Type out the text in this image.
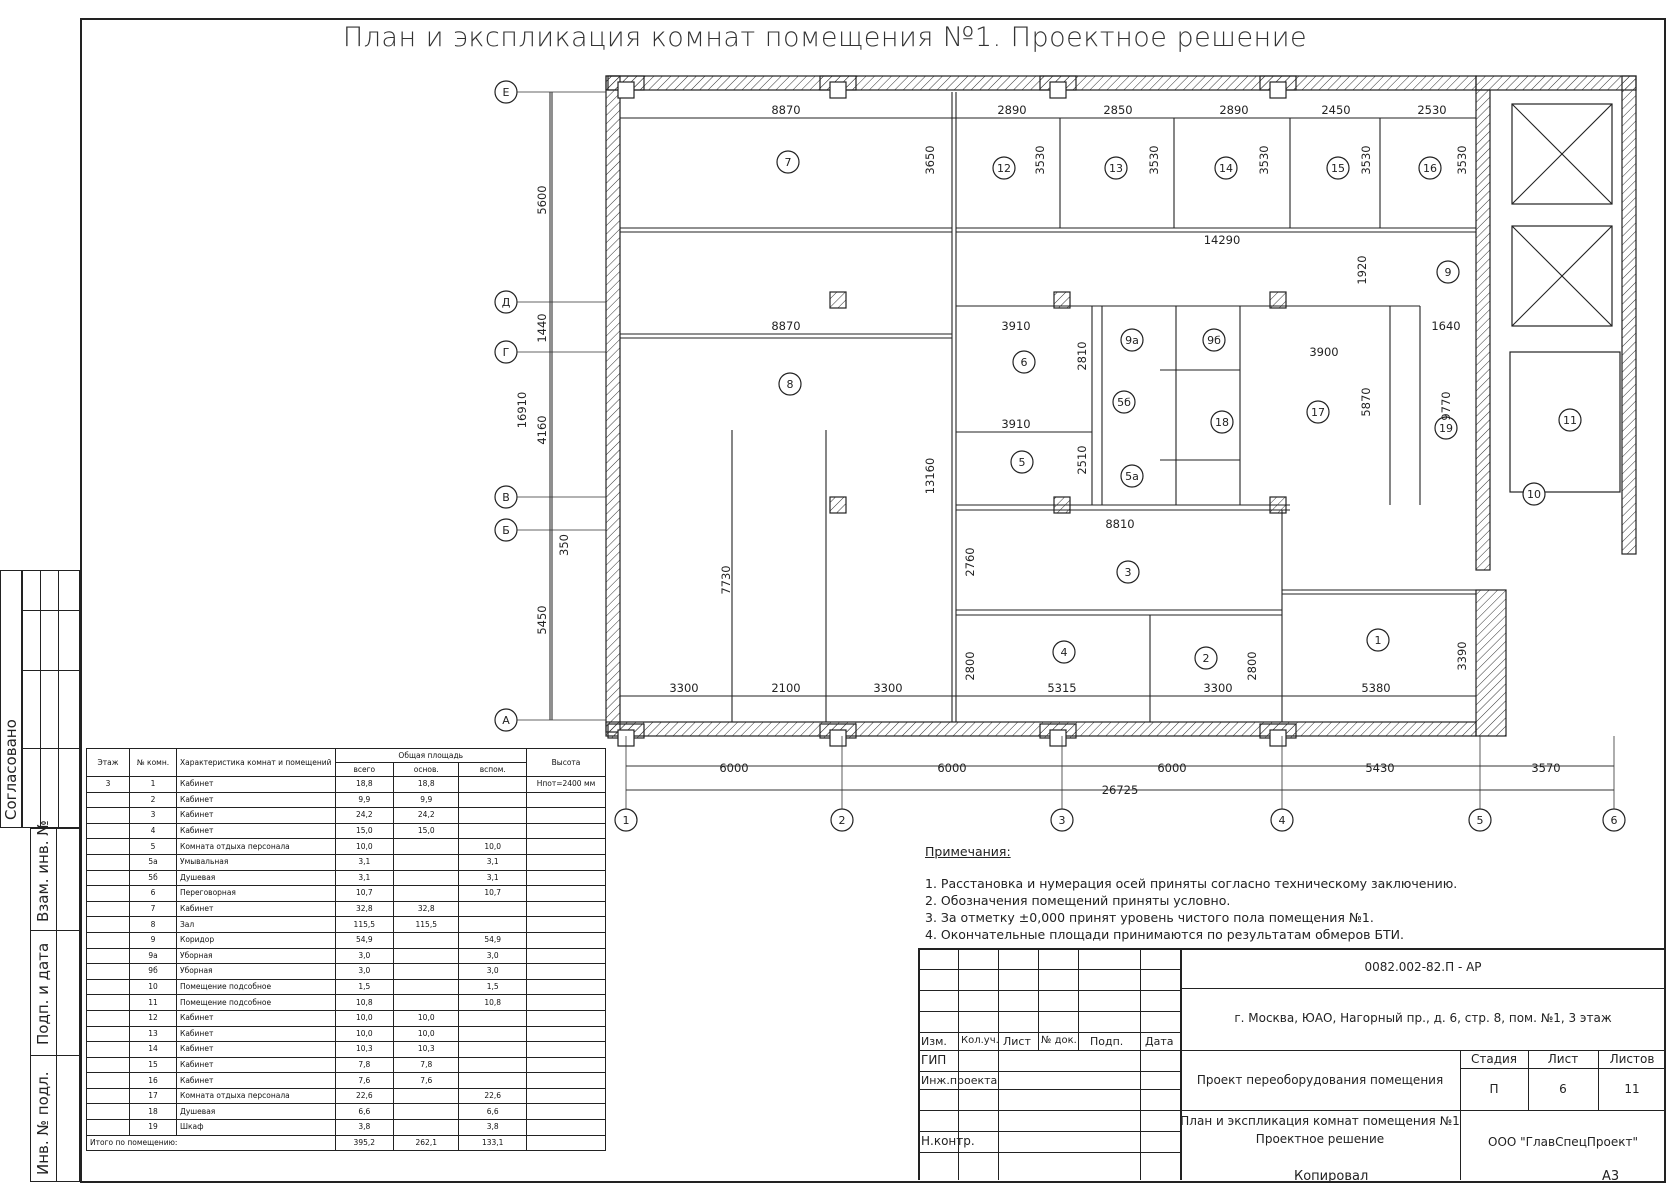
План и экспликация комнат помещения №1. Проектное решение
Согласовано
Взам. инв. №
Подп. и дата
Инв. № подл.
Е
Д
Г
В
Б
А
1	2	3	4	5	6
8870	2890	2850	2890	2450	2530
14290
1920
3650	3530	3530	3530	3530	3530
5600
1440
16910
4160
350
5450
8870	3910
2810
3910
2510
3900
5870
1640
9770
13160
7730
8810
2760
2800	2800	3390
3300	2100	3300	5315	3300	5380
6000	6000	6000	5430	3570
26725
1
2
3
4
5
5а
5б
6
7
8
9
9а	9б
10
11
12	13	14	15	16
17
18	19
Этаж	№ комн.	Характеристика комнат и помещений	Общая площадь			Высота
			всего	основ.	вспом.	
3	1	Кабинет	18,8	18,8		Нпот=2400 мм
	2	Кабинет	9,9	9,9		
	3	Кабинет	24,2	24,2		
	4	Кабинет	15,0	15,0		
	5	Комната отдыха персонала	10,0		10,0	
	5а	Умывальная	3,1		3,1	
	5б	Душевая	3,1		3,1	
	6	Переговорная	10,7		10,7	
	7	Кабинет	32,8	32,8		
	8	Зал	115,5	115,5		
	9	Коридор	54,9		54,9	
	9а	Уборная	3,0		3,0	
	9б	Уборная	3,0		3,0	
	10	Помещение подсобное	1,5		1,5	
	11	Помещение подсобное	10,8		10,8	
	12	Кабинет	10,0	10,0		
	13	Кабинет	10,0	10,0		
	14	Кабинет	10,3	10,3		
	15	Кабинет	7,8	7,8		
	16	Кабинет	7,6	7,6		
	17	Комната отдыха персонала	22,6		22,6	
	18	Душевая	6,6		6,6	
	19	Шкаф	3,8		3,8	
Итого по помещению:			395,2	262,1	133,1	
Примечания:
1. Расстановка и нумерация осей приняты согласно техническому заключению.
2. Обозначения помещений приняты условно.
3. За отметку ±0,000 принят уровень чистого пола помещения №1.
4. Окончательные площади принимаются по результатам обмеров БТИ.
Изм. Кол.уч. Лист № док. Подп. Дата
ГИП
Инж.проекта
Н.контр.
0082.002-82.П - АР
г. Москва, ЮАО, Нагорный пр., д. 6, стр. 8, пом. №1, 3 этаж
Проект переоборудования помещения
План и экспликация комнат помещения №1
Проектное решение
Стадия	Лист	Листов
П	6	11
ООО "ГлавСпецПроект"
Копировал	А3
